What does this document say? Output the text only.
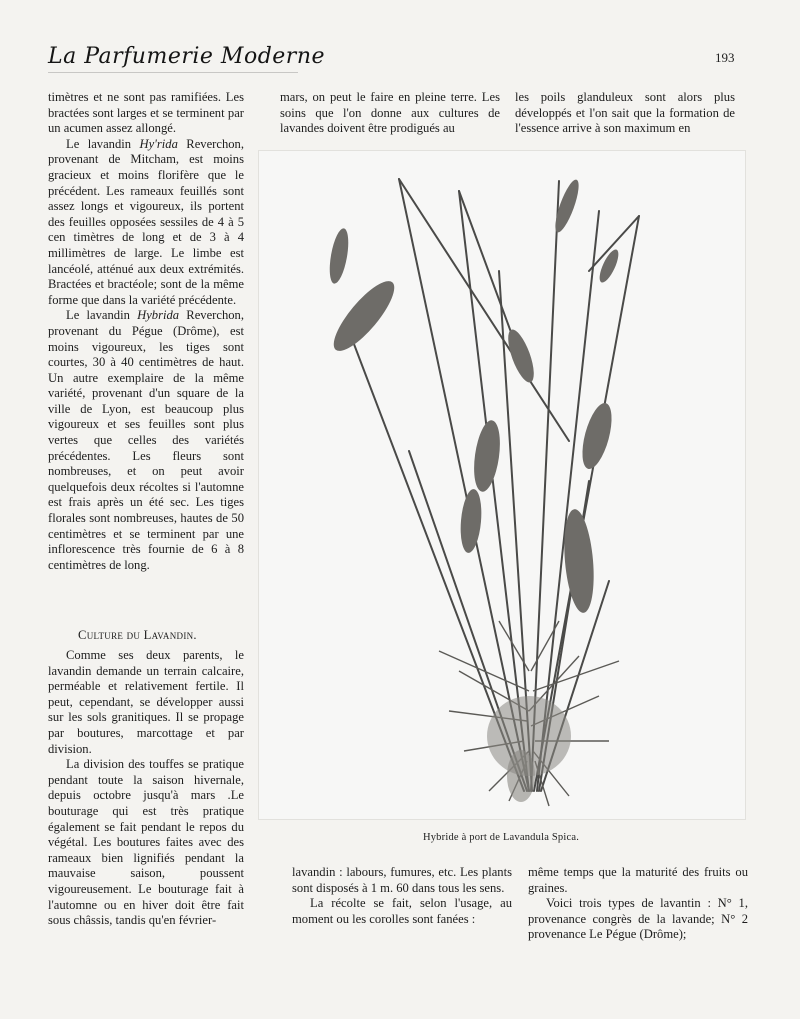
La Parfumerie Moderne	193

timètres et ne sont pas ramifiées. Les bractées sont larges et se terminent par un acumen assez allongé.

Le lavandin Hy'rida Reverchon, provenant de Mitcham, est moins gracieux et moins florifère que le précédent. Les rameaux feuillés sont assez longs et vigoureux, ils portent des feuilles opposées sessiles de 4 à 5 cen timètres de long et de 3 à 4 millimètres de large. Le limbe est lancéolé, atténué aux deux extrémités. Bractées et bractéole; sont de la même forme que dans la variété précédente.

Le lavandin Hybrida Reverchon, provenant du Pégue (Drôme), est moins vigoureux, les tiges sont courtes, 30 à 40 centimètres de haut. Un autre exemplaire de la même variété, provenant d'un square de la ville de Lyon, est beaucoup plus vigoureux et ses feuilles sont plus vertes que celles des variétés précédentes. Les fleurs sont nombreuses, et on peut avoir quelquefois deux récoltes si l'automne est frais après un été sec. Les tiges florales sont nombreuses, hautes de 50 centimètres et se terminent par une inflorescence très fournie de 6 à 8 centimètres de long.

Culture du Lavandin.

Comme ses deux parents, le lavandin demande un terrain calcaire, perméable et relativement fertile. Il peut, cependant, se développer aussi sur les sols granitiques. Il se propage par boutures, marcottage et par division.

La division des touffes se pratique pendant toute la saison hivernale, depuis octobre jusqu'à mars .Le bouturage qui est très pratique également se fait pendant le repos du végétal. Les boutures faites avec des rameaux bien lignifiés pendant la mauvaise saison, poussent vigoureusement. Le bouturage fait à l'automne ou en hiver doit être fait sous châssis, tandis qu'en février-

mars, on peut le faire en pleine terre. Les soins que l'on donne aux cultures de lavandes doivent être prodigués au

les poils glanduleux sont alors plus développés et l'on sait que la formation de l'essence arrive à son maximum en

Hybride à port de Lavandula Spica.

lavandin : labours, fumures, etc. Les plants sont disposés à 1 m. 60 dans tous les sens.

La récolte se fait, selon l'usage, au moment ou les corolles sont fanées :

même temps que la maturité des fruits ou graines.

Voici trois types de lavantin : N° 1, provenance congrès de la lavande; N° 2 provenance Le Pégue (Drôme);
